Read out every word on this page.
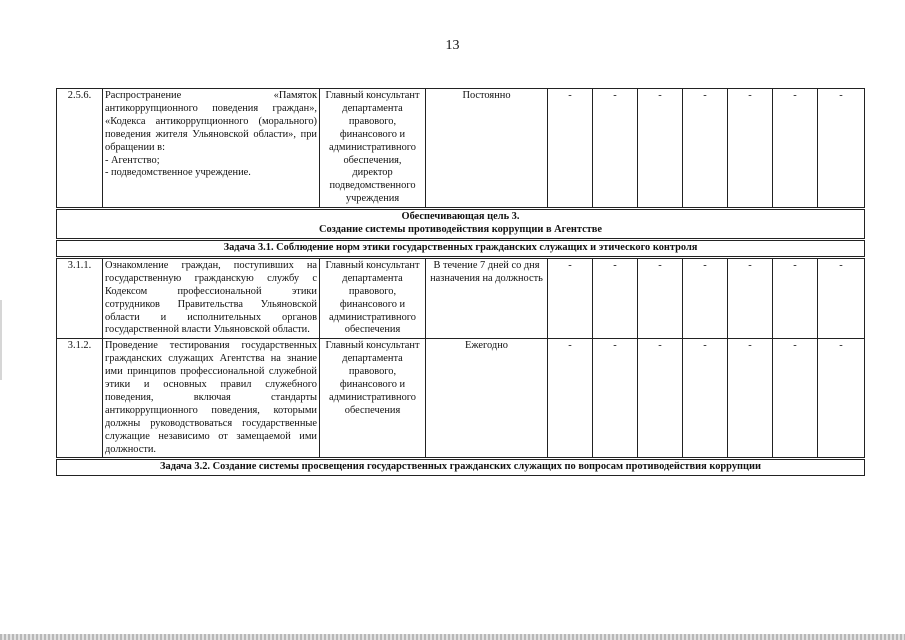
13
2.5.6.	Распространение «Памяток антикоррупционного поведения граждан», «Кодекса антикоррупционного (морального) поведения жителя Ульяновской области», при обращении в:
- Агентство;
- подведомственное учреждение.	Главный консультант департамента правового, финансового и административного обеспечения, директор подведомственного учреждения	Постоянно	-	-	-	-	-	-	-
Обеспечивающая цель 3.
Создание системы противодействия коррупции в Агентстве										
Задача 3.1. Соблюдение норм этики государственных гражданских служащих и этического контроля										
3.1.1.	Ознакомление граждан, поступивших на государственную гражданскую службу с Кодексом профессиональной этики сотрудников Правительства Ульяновской области и исполнительных органов государственной власти Ульяновской области.	Главный консультант департамента правового, финансового и административного обеспечения	В течение 7 дней со дня назначения на должность	-	-	-	-	-	-	-
3.1.2.	Проведение тестирования государственных гражданских служащих Агентства на знание ими принципов профессиональной служебной этики и основных правил служебного поведения, включая стандарты антикоррупционного поведения, которыми должны руководствоваться государственные служащие независимо от замещаемой ими должности.	Главный консультант департамента правового, финансового и административного обеспечения	Ежегодно	-	-	-	-	-	-	-
Задача 3.2. Создание системы просвещения государственных гражданских служащих по вопросам противодействия коррупции										
